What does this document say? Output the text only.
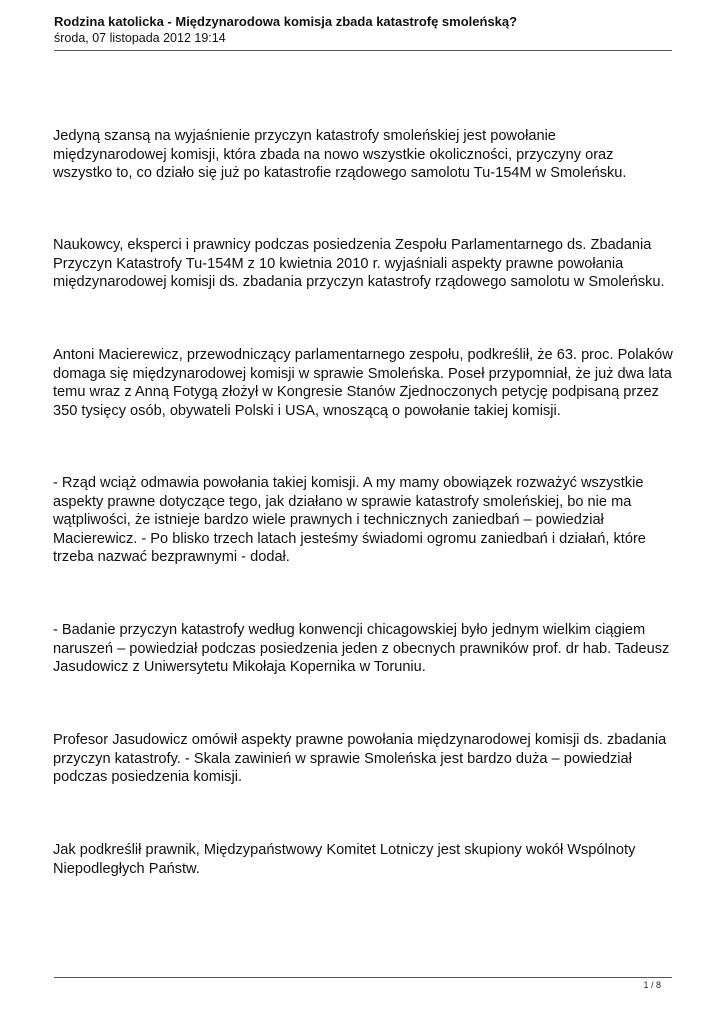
Rodzina katolicka - Międzynarodowa komisja zbada katastrofę smoleńską?

środa, 07 listopada 2012 19:14

Jedyną szansą na wyjaśnienie przyczyn katastrofy smoleńskiej jest powołanie
międzynarodowej komisji, która zbada na nowo wszystkie okoliczności, przyczyny oraz
wszystko to, co działo się już po katastrofie rządowego samolotu Tu-154M w Smoleńsku.

Naukowcy, eksperci i prawnicy podczas posiedzenia Zespołu Parlamentarnego ds. Zbadania
Przyczyn Katastrofy Tu-154M z 10 kwietnia 2010 r. wyjaśniali aspekty prawne powołania
międzynarodowej komisji ds. zbadania przyczyn katastrofy rządowego samolotu w Smoleńsku.

Antoni Macierewicz, przewodniczący parlamentarnego zespołu, podkreślił, że 63. proc. Polaków
domaga się międzynarodowej komisji w sprawie Smoleńska. Poseł przypomniał, że już dwa lata
temu wraz z Anną Fotygą złożył w Kongresie Stanów Zjednoczonych petycję podpisaną przez
350 tysięcy osób, obywateli Polski i USA, wnoszącą o powołanie takiej komisji.

- Rząd wciąż odmawia powołania takiej komisji. A my mamy obowiązek rozważyć wszystkie
aspekty prawne dotyczące tego, jak działano w sprawie katastrofy smoleńskiej, bo nie ma
wątpliwości, że istnieje bardzo wiele prawnych i technicznych zaniedbań – powiedział
Macierewicz. - Po blisko trzech latach jesteśmy świadomi ogromu zaniedbań i działań, które
trzeba nazwać bezprawnymi - dodał.

- Badanie przyczyn katastrofy według konwencji chicagowskiej było jednym wielkim ciągiem
naruszeń – powiedział podczas posiedzenia jeden z obecnych prawników prof. dr hab. Tadeusz
Jasudowicz z Uniwersytetu Mikołaja Kopernika w Toruniu.

Profesor Jasudowicz omówił aspekty prawne powołania międzynarodowej komisji ds. zbadania
przyczyn katastrofy. - Skala zawinień w sprawie Smoleńska jest bardzo duża – powiedział
podczas posiedzenia komisji.

Jak podkreślił prawnik, Międzypaństwowy Komitet Lotniczy jest skupiony wokół Wspólnoty
Niepodległych Państw.

1 / 8
